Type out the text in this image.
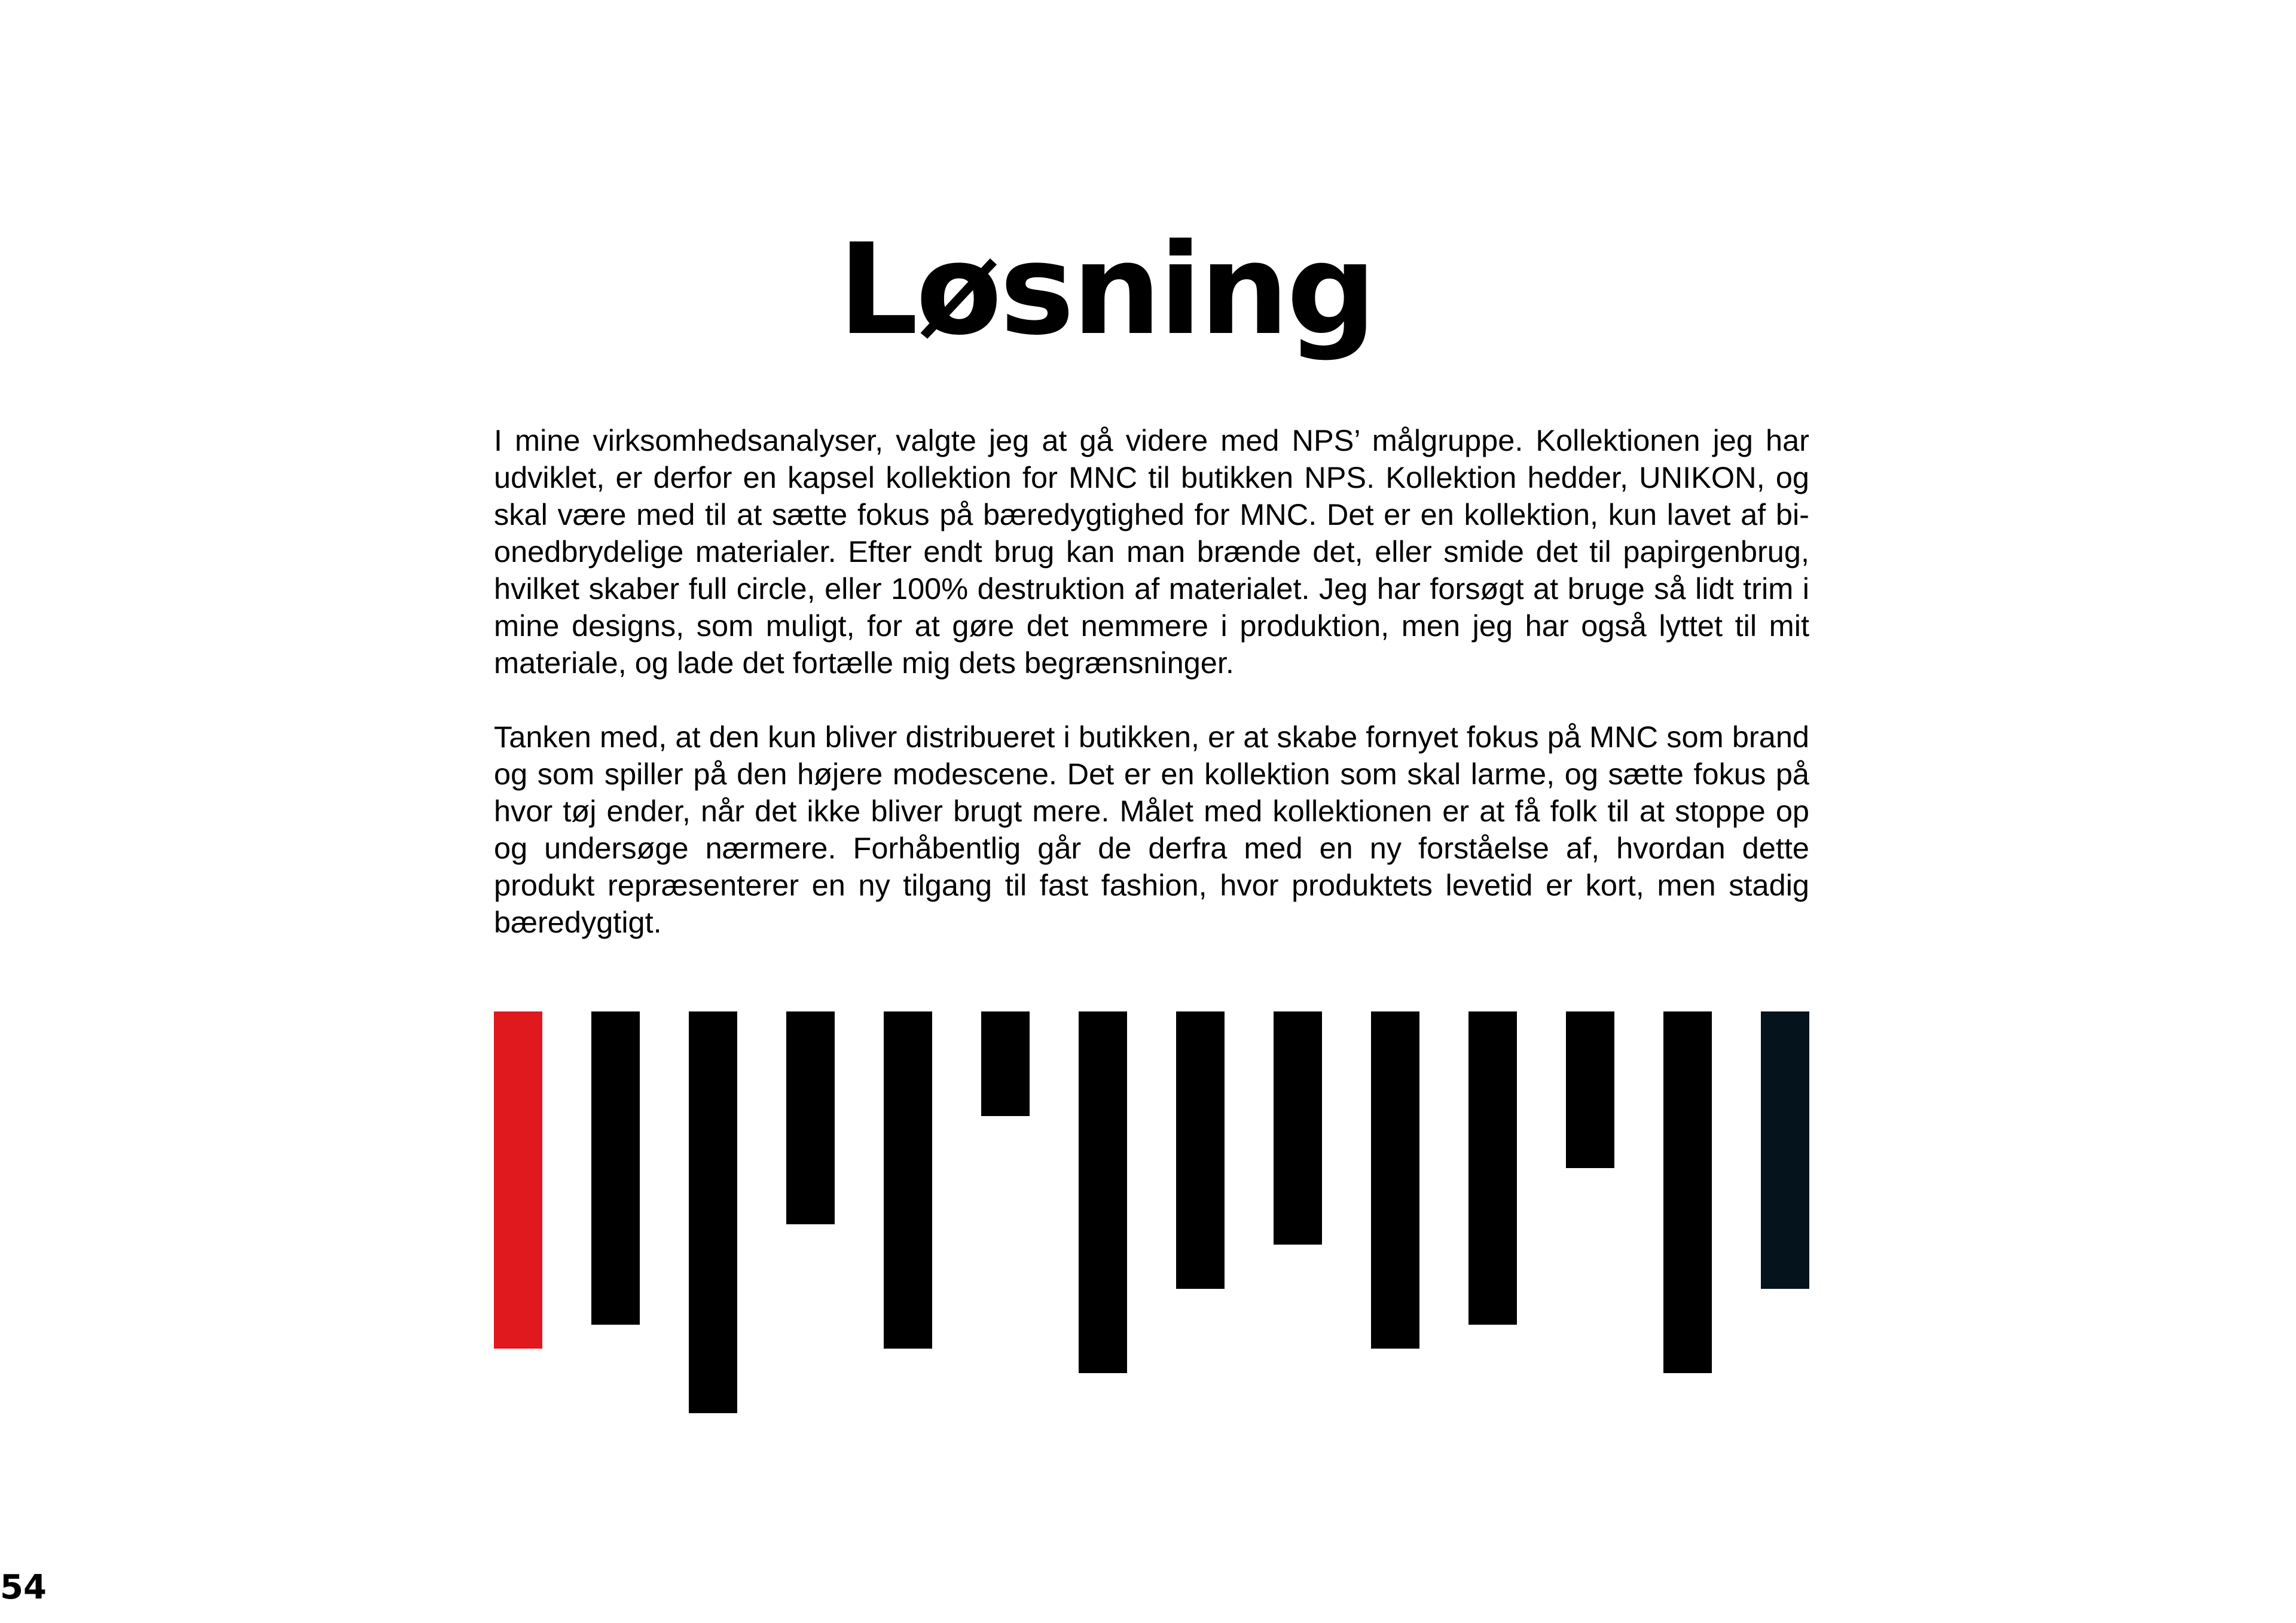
Løsning

I mine virksomhedsanalyser, valgte jeg at gå videre med NPS’ målgruppe. Kollektionen jeg har udviklet, er derfor en kapsel kollektion for MNC til butikken NPS. Kollektion hedder, UNIKON, og skal være med til at sætte fokus på bæredygtighed for MNC. Det er en kollektion, kun lavet af bi-onedbrydelige materialer. Efter endt brug kan man brænde det, eller smide det til papirgenbrug, hvilket skaber full circle, eller 100% destruktion af materialet. Jeg har forsøgt at bruge så lidt trim i mine designs, som muligt, for at gøre det nemmere i produktion, men jeg har også lyttet til mit materiale, og lade det fortælle mig dets begrænsninger.

Tanken med, at den kun bliver distribueret i butikken, er at skabe fornyet fokus på MNC som brand og som spiller på den højere modescene. Det er en kollektion som skal larme, og sætte fokus på hvor tøj ender, når det ikke bliver brugt mere. Målet med kollektionen er at få folk til at stoppe op og undersøge nærmere. Forhåbentlig går de derfra med en ny forståelse af, hvordan dette produkt repræsenterer en ny tilgang til fast fashion, hvor produktets levetid er kort, men stadig bæredygtigt.

54
